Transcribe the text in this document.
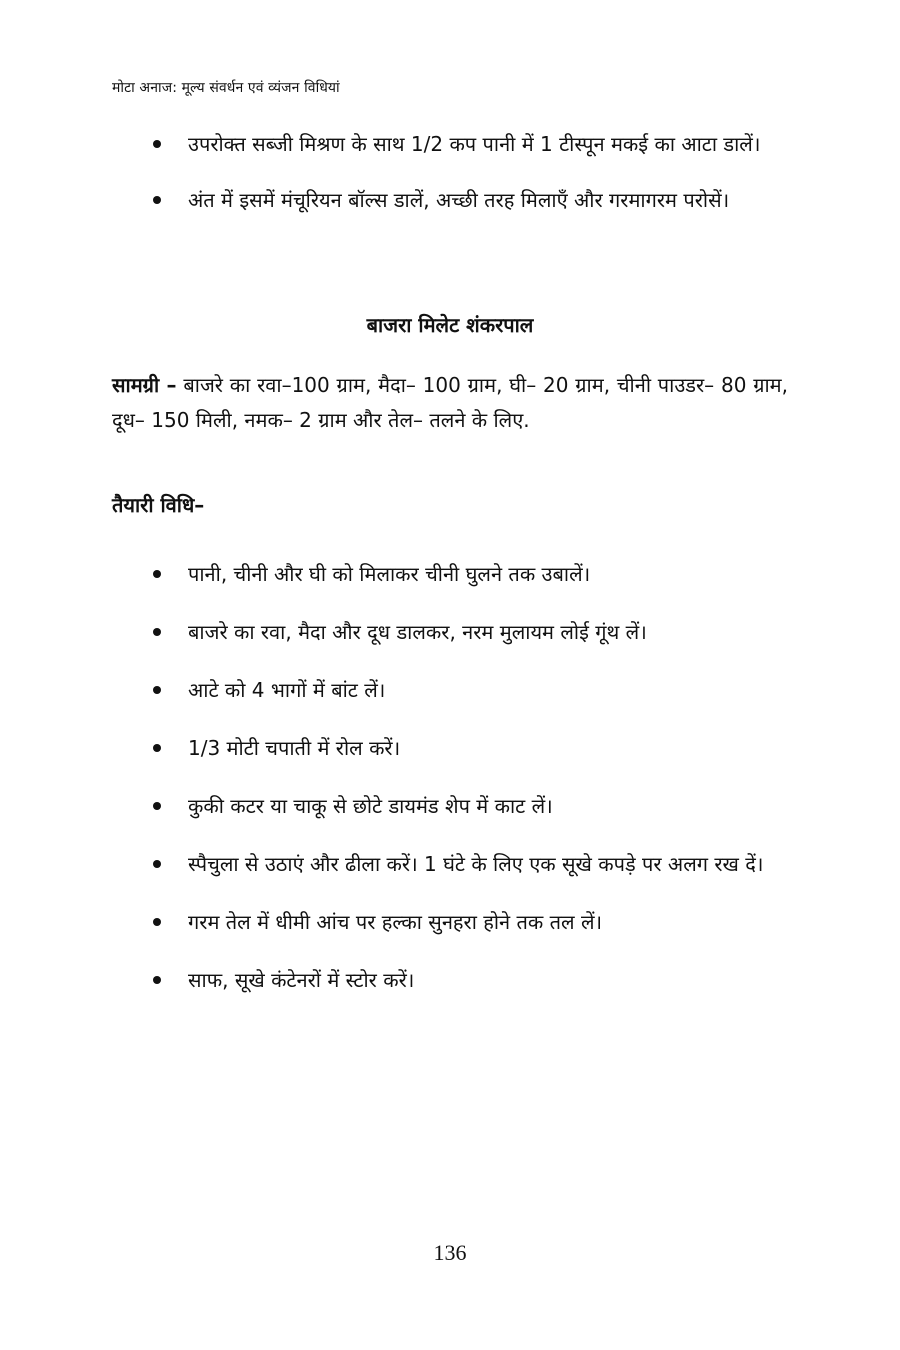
मोटा अनाज: मूल्य संवर्धन एवं व्यंजन विधियां
उपरोक्त सब्जी मिश्रण के साथ 1/2 कप पानी में 1 टीस्पून मकई का आटा डालें।
अंत में इसमें मंचूरियन बॉल्स डालें, अच्छी तरह मिलाएँ और गरमागरम परोसें।
बाजरा मिलेट शंकरपाल

सामग्री – बाजरे का रवा–100 ग्राम, मैदा– 100 ग्राम, घी– 20 ग्राम, चीनी पाउडर– 80 ग्राम, दूध– 150 मिली, नमक– 2 ग्राम और तेल– तलने के लिए.

तैयारी विधि–
पानी, चीनी और घी को मिलाकर चीनी घुलने तक उबालें।
बाजरे का रवा, मैदा और दूध डालकर, नरम मुलायम लोई गूंथ लें।
आटे को 4 भागों में बांट लें।
1/3 मोटी चपाती में रोल करें।
कुकी कटर या चाकू से छोटे डायमंड शेप में काट लें।
स्पैचुला से उठाएं और ढीला करें। 1 घंटे के लिए एक सूखे कपड़े पर अलग रख दें।
गरम तेल में धीमी आंच पर हल्का सुनहरा होने तक तल लें।
साफ, सूखे कंटेनरों में स्टोर करें।
136
